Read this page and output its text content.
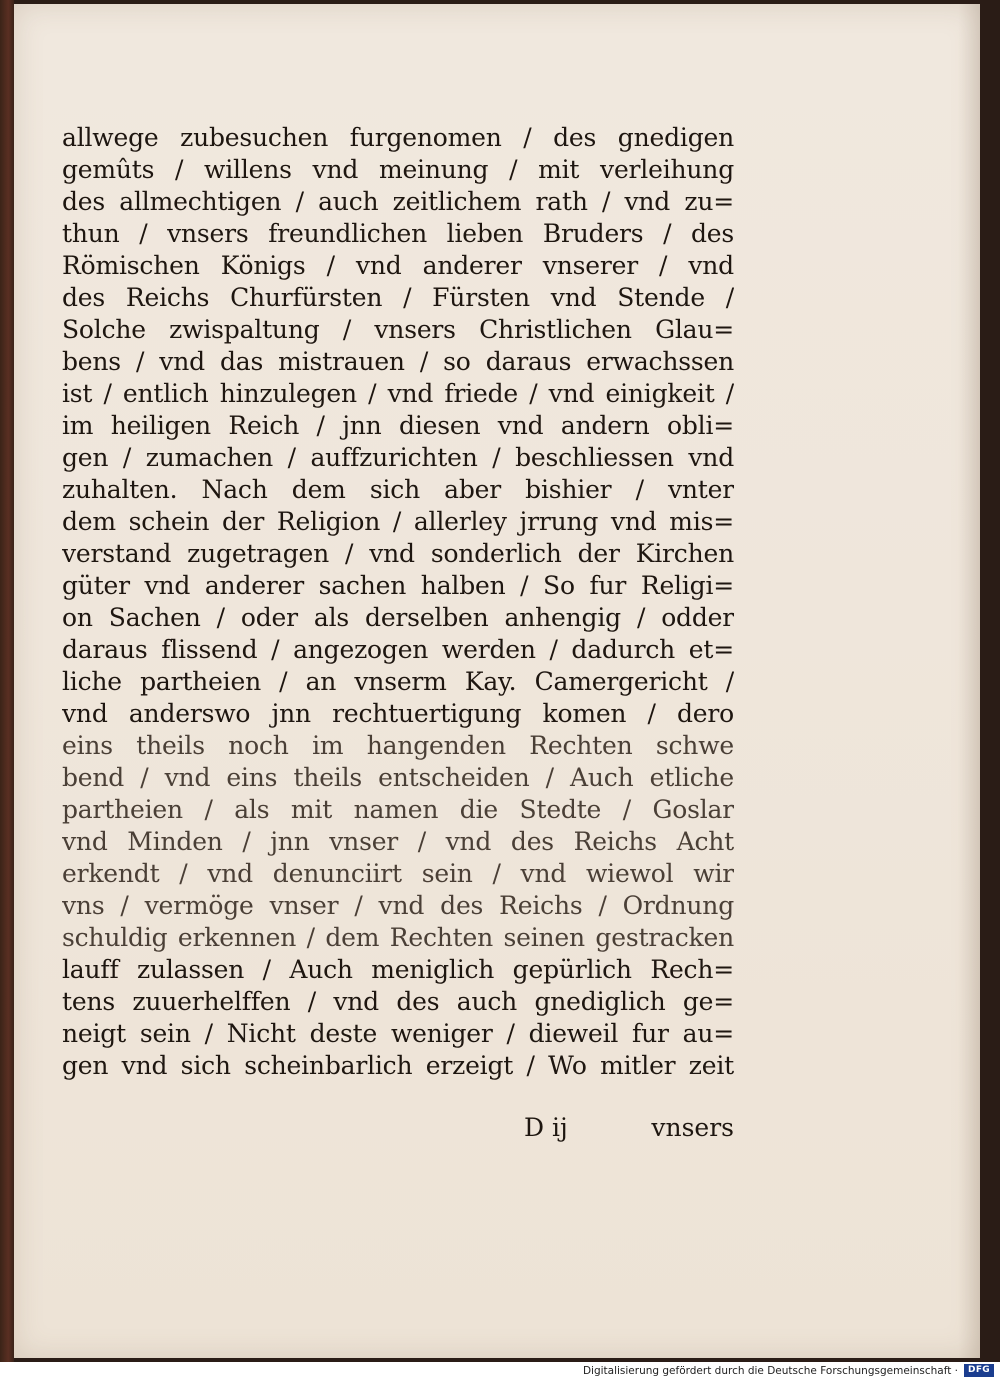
allwege zubesuchen furgenomen / des gnedigen
gemûts / willens vnd meinung / mit verleihung
des allmechtigen / auch zeitlichem rath / vnd zu=
thun / vnsers freundlichen lieben Bruders / des
Römischen Königs / vnd anderer vnserer / vnd
des Reichs Churfürsten / Fürsten vnd Stende /
Solche zwispaltung / vnsers Christlichen Glau=
bens / vnd das mistrauen / so daraus erwachssen
ist / entlich hinzulegen / vnd friede / vnd einigkeit /
im heiligen Reich / jnn diesen vnd andern obli=
gen / zumachen / auffzurichten / beschliessen vnd
zuhalten. Nach dem sich aber bishier / vnter
dem schein der Religion / allerley jrrung vnd mis=
verstand zugetragen / vnd sonderlich der Kirchen
güter vnd anderer sachen halben / So fur Religi=
on Sachen / oder als derselben anhengig / odder
daraus flissend / angezogen werden / dadurch et=
liche partheien / an vnserm Kay. Camergericht /
vnd anderswo jnn rechtuertigung komen / dero
eins theils noch im hangenden Rechten schwe
bend / vnd eins theils entscheiden / Auch etliche
partheien / als mit namen die Stedte / Goslar
vnd Minden / jnn vnser / vnd des Reichs Acht
erkendt / vnd denunciirt sein / vnd wiewol wir
vns / vermöge vnser / vnd des Reichs / Ordnung
schuldig erkennen / dem Rechten seinen gestracken
lauff zulassen / Auch meniglich gepürlich Rech=
tens zuuerhelffen / vnd des auch gnediglich ge=
neigt sein / Nicht deste weniger / dieweil fur au=
gen vnd sich scheinbarlich erzeigt / Wo mitler zeit
D ij	vnsers
Digitalisierung gefördert durch die Deutsche Forschungsgemeinschaft ·	DFG
